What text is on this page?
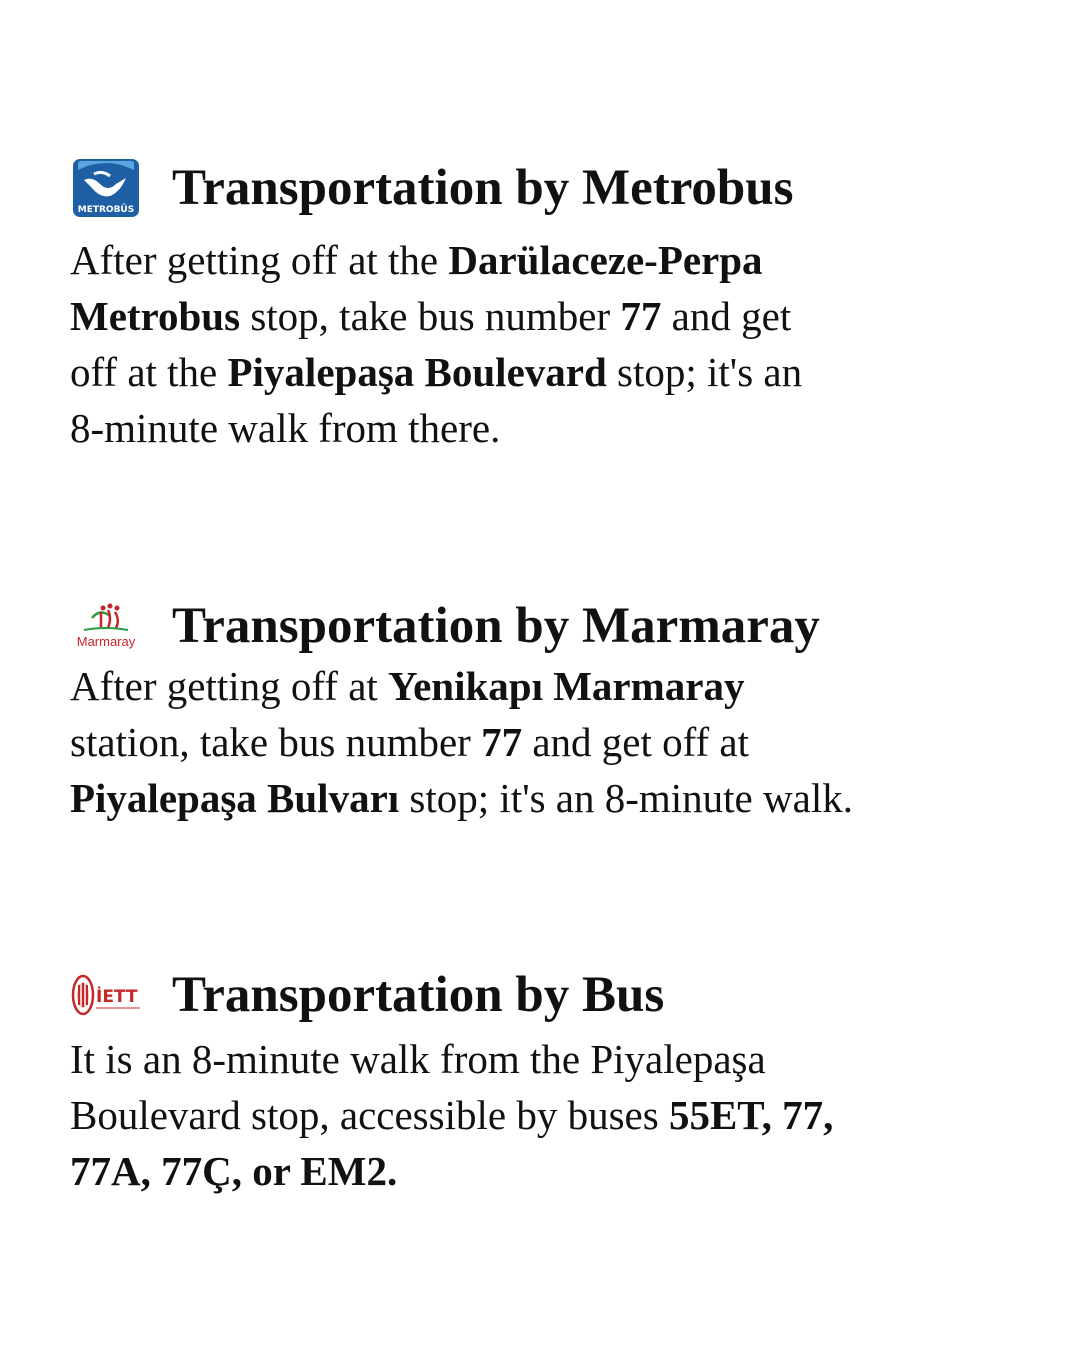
METROBÜS Transportation by Metrobus

After getting off at the Darülaceze-Perpa
Metrobus stop, take bus number 77 and get
off at the Piyalepaşa Boulevard stop; it's an
8-minute walk from there.

Marmaray Transportation by Marmaray

After getting off at Yenikapı Marmaray
station, take bus number 77 and get off at
Piyalepaşa Bulvarı stop; it's an 8-minute walk.

İETT Transportation by Bus

It is an 8-minute walk from the Piyalepaşa
Boulevard stop, accessible by buses 55ET, 77,
77A, 77Ç, or EM2.
